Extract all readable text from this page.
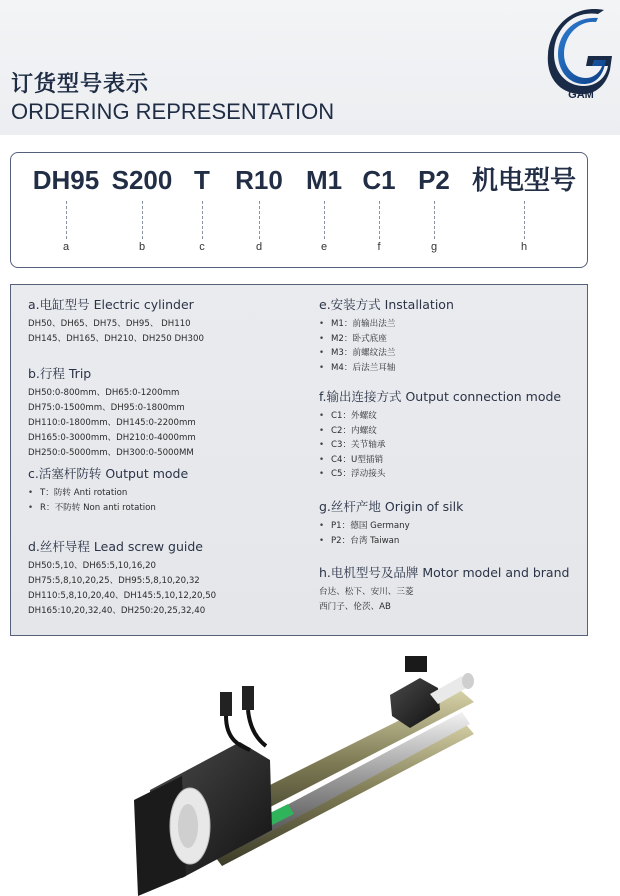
订货型号表示
ORDERING REPRESENTATION
GAM
DH95
a
S200
b
T
c
R10
d
M1
e
C1
f
P2
g
机电型号
h
a.电缸型号 Electric cylinder
DH50、DH65、DH75、DH95、 DH110
DH145、DH165、DH210、DH250 DH300
b.行程 Trip
DH50:0-800mm、DH65:0-1200mm
DH75:0-1500mm、DH95:0-1800mm
DH110:0-1800mm、DH145:0-2200mm
DH165:0-3000mm、DH210:0-4000mm
DH250:0-5000mm、DH300:0-5000MM
c.活塞杆防转 Output mode
• T：防转 Anti rotation
• R：不防转 Non anti rotation
d.丝杆导程 Lead screw guide
DH50:5,10、DH65:5,10,16,20
DH75:5,8,10,20,25、DH95:5,8,10,20,32
DH110:5,8,10,20,40、DH145:5,10,12,20,50
DH165:10,20,32,40、DH250:20,25,32,40
e.安装方式 Installation
• M1：前输出法兰
• M2：卧式底座
• M3：前螺纹法兰
• M4：后法兰耳轴
f.输出连接方式 Output connection mode
• C1：外螺纹
• C2：内螺纹
• C3：关节轴承
• C4：U型插销
• C5：浮动接头
g.丝杆产地 Origin of silk
• P1：德国 Germany
• P2：台湾 Taiwan
h.电机型号及品牌 Motor model and brand
台达、松下、安川、三菱
西门子、伦茨、AB
